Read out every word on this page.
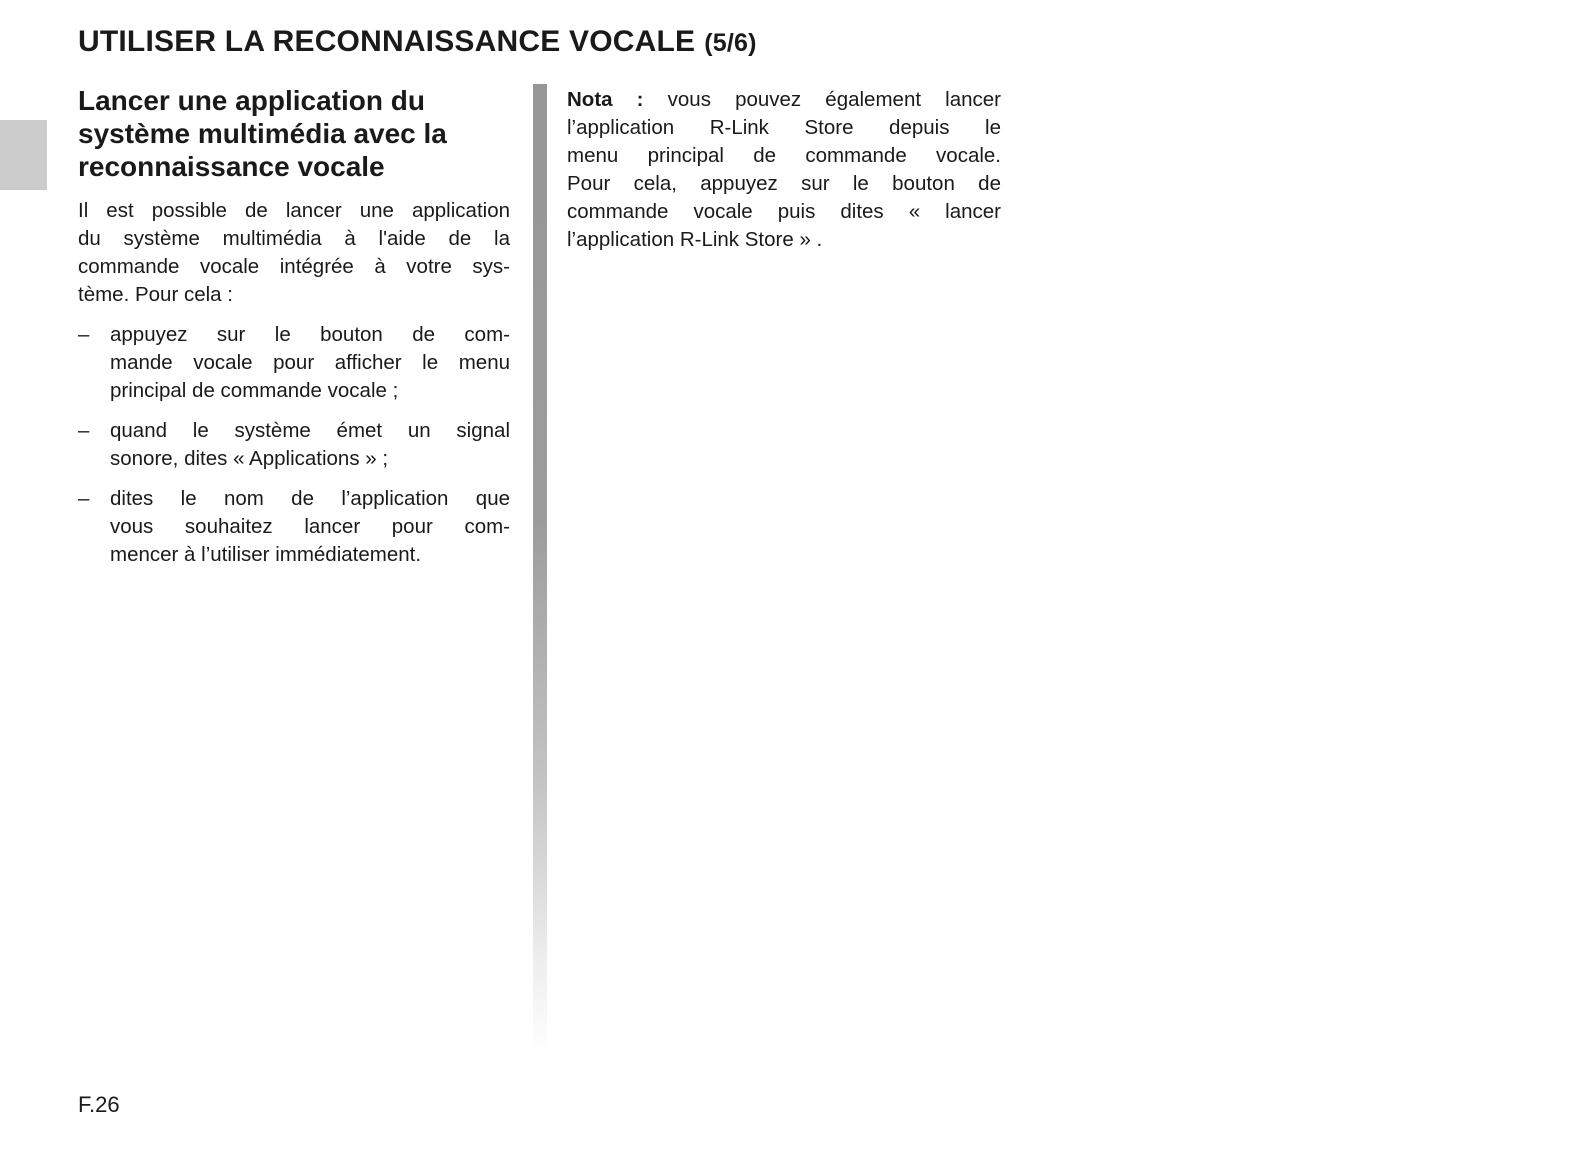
UTILISER LA RECONNAISSANCE VOCALE (5/6)
Lancer une application du
système multimédia avec la
reconnaissance vocale
Il est possible de lancer une application
du système multimédia à l'aide de la
commande vocale intégrée à votre sys-
tème. Pour cela :
–	appuyez sur le bouton de com-
mande vocale pour afficher le menu
principal de commande vocale ;
–	quand le système émet un signal
sonore, dites « Applications » ;
–	dites le nom de l’application que
vous souhaitez lancer pour com-
mencer à l’utiliser immédiatement.
Nota : vous pouvez également lancer
l’application R-Link Store depuis le
menu principal de commande vocale.
Pour cela, appuyez sur le bouton de
commande vocale puis dites « lancer
l’application R-Link Store » .
F.26
